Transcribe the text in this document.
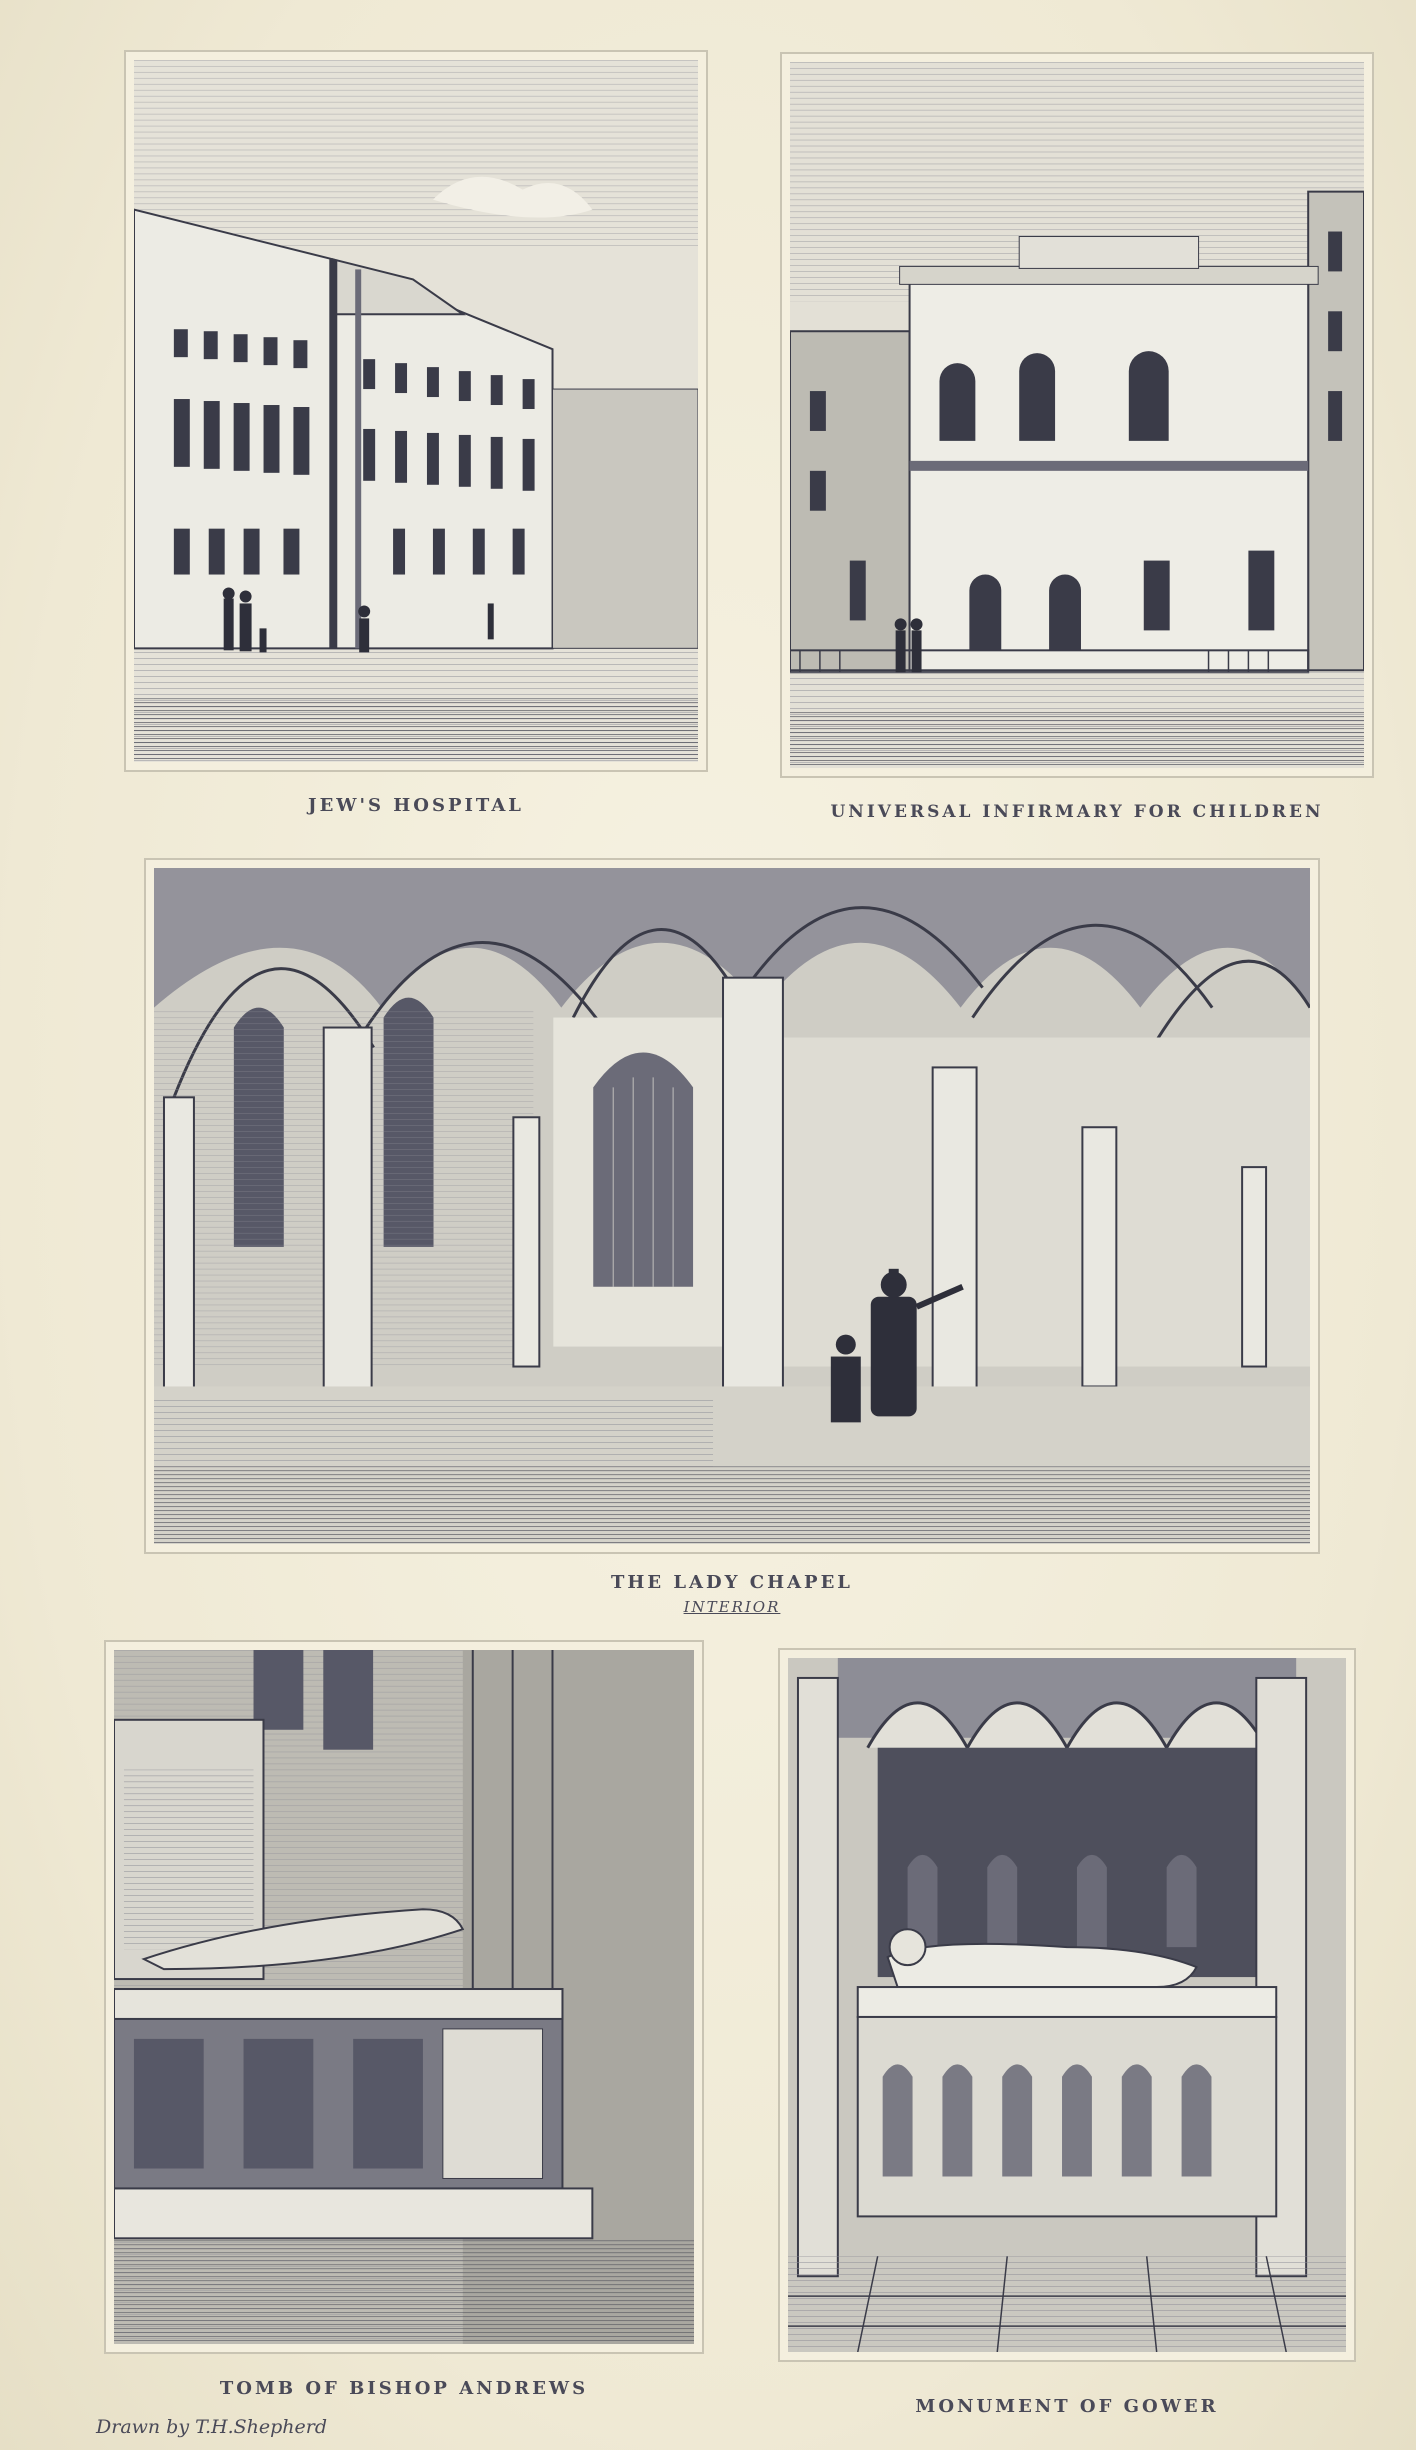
JEW'S HOSPITAL	UNIVERSAL INFIRMARY FOR CHILDREN
THE LADY CHAPEL
INTERIOR
TOMB OF BISHOP ANDREWS
MONUMENT OF GOWER
Drawn by T.H.Shepherd
